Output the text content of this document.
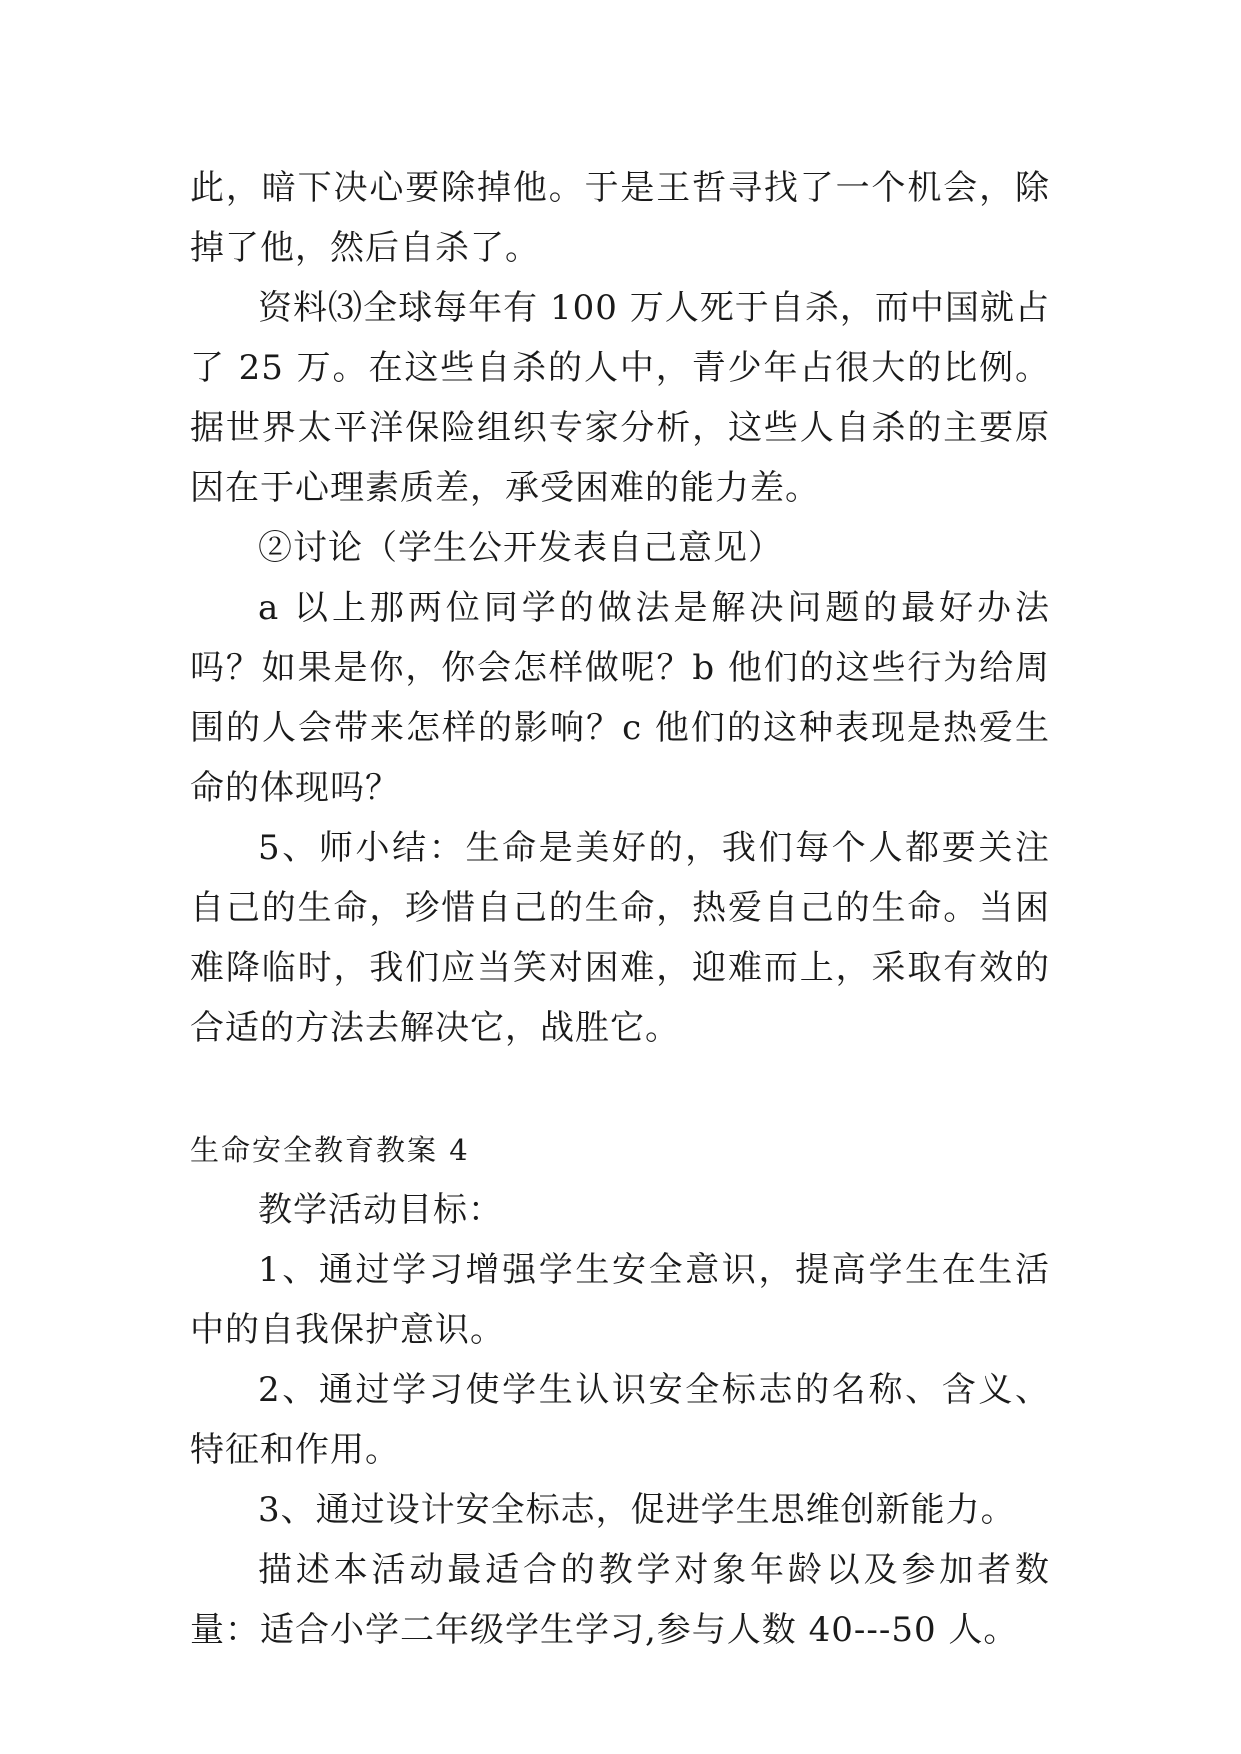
此，暗下决心要除掉他。于是王哲寻找了一个机会，除掉了他，然后自杀了。

资料⑶全球每年有 100 万人死于自杀，而中国就占了 25 万。在这些自杀的人中，青少年占很大的比例。据世界太平洋保险组织专家分析，这些人自杀的主要原因在于心理素质差，承受困难的能力差。

②讨论（学生公开发表自己意见）

a 以上那两位同学的做法是解决问题的最好办法吗？如果是你，你会怎样做呢？b 他们的这些行为给周围的人会带来怎样的影响？c 他们的这种表现是热爱生命的体现吗？

5、师小结：生命是美好的，我们每个人都要关注自己的生命，珍惜自己的生命，热爱自己的生命。当困难降临时，我们应当笑对困难，迎难而上，采取有效的合适的方法去解决它，战胜它。

生命安全教育教案 4

教学活动目标：

1、通过学习增强学生安全意识，提高学生在生活中的自我保护意识。

2、通过学习使学生认识安全标志的名称、含义、特征和作用。

3、通过设计安全标志，促进学生思维创新能力。

描述本活动最适合的教学对象年龄以及参加者数量：适合小学二年级学生学习,参与人数 40---50 人。
